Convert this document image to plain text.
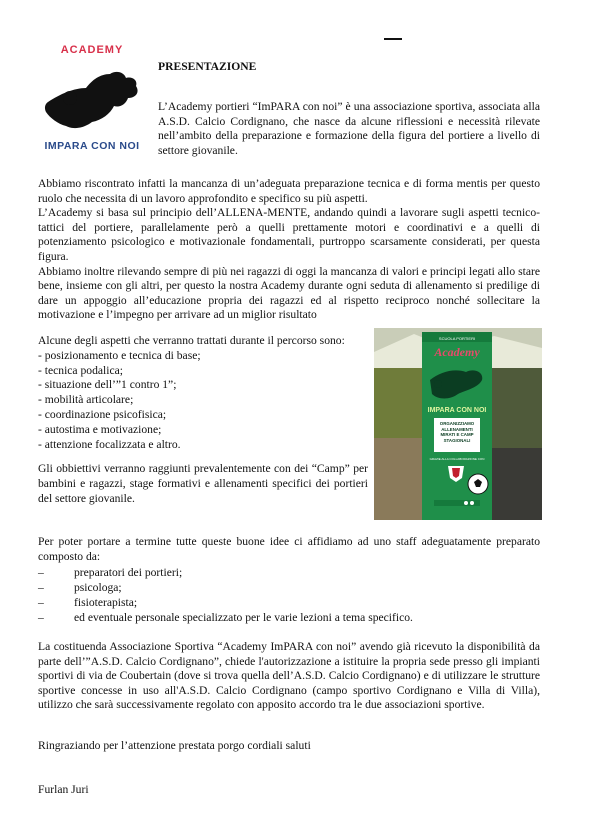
ACADEMY
IMPARA CON NOI
PRESENTAZIONE
L’Academy portieri “ImPARA con noi” è una associazione sportiva, associata alla A.S.D. Calcio Cordignano, che nasce da alcune riflessioni e necessità rilevate nell’ambito della preparazione e formazione della figura del portiere a livello di settore giovanile.

Abbiamo riscontrato infatti la mancanza di un’adeguata preparazione tecnica e di forma mentis per questo ruolo che necessita di un lavoro approfondito e specifico su più aspetti.

L’Academy si basa sul principio dell’ALLENA-MENTE, andando quindi a lavorare sugli aspetti tecnico-tattici del portiere, parallelamente però a quelli prettamente motori e coordinativi e a quelli di potenziamento psicologico e motivazionale fondamentali, purtroppo scarsamente considerati, per questa figura.

Abbiamo inoltre rilevando sempre di più nei ragazzi di oggi la mancanza di valori e principi legati allo stare bene, insieme con gli altri, per questo la nostra Academy durante ogni seduta di allenamento si predilige di dare un appoggio all’educazione propria dei ragazzi ed al rispetto reciproco nonché sollecitare la motivazione e l’impegno per arrivare ad un miglior risultato

Alcune degli aspetti che verranno trattati durante il percorso sono:

- posizionamento e tecnica di base;

- tecnica podalica;

- situazione dell’”1 contro 1”;

- mobilità articolare;

- coordinazione psicofisica;

- autostima e motivazione;

- attenzione focalizzata e altro.

Gli obbiettivi verranno raggiunti prevalentemente con dei “Camp” per bambini e ragazzi, stage formativi e allenamenti specifici dei portieri del settore giovanile.
SCUOLA PORTIERI
Academy
IMPARA CON NOI
ORGANIZZIAMO ALLENAMENTI MIRATI E CAMP STAGIONALI
GRAZIE ALLA COLLABORAZIONE CON
Per poter portare a termine tutte queste buone idee ci affidiamo ad uno staff adeguatamente preparato composto da:
–	preparatori dei portieri;
–	psicologa;
–	fisioterapista;
–	ed eventuale personale specializzato per le varie lezioni a tema specifico.
La costituenda Associazione Sportiva “Academy ImPARA con noi” avendo già ricevuto la disponibilità da parte dell’”A.S.D. Calcio Cordignano”, chiede l'autorizzazione a istituire la propria sede presso gli impianti sportivi di via de Coubertain (dove si trova quella dell’A.S.D. Calcio Cordignano) e di utilizzare le strutture sportive concesse in uso all'A.S.D. Calcio Cordignano (campo sportivo Cordignano e Villa di Villa), utilizzo che sarà successivamente regolato con apposito accordo tra le due associazioni sportive.
Ringraziando per l’attenzione prestata porgo cordiali saluti
Furlan Juri
